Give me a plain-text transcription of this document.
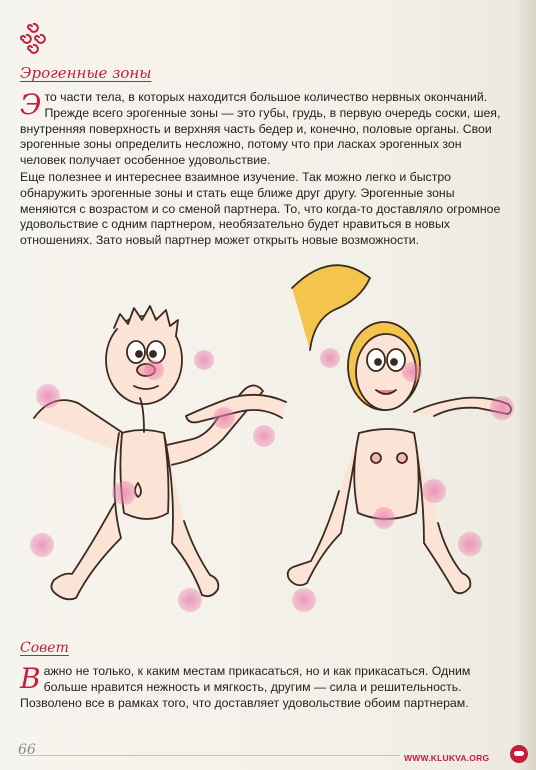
Эрогенные зоны

Это части тела, в которых находится большое количество нервных окончаний. Прежде всего эрогенные зоны — это губы, грудь, в первую очередь соски, шея, внутренняя поверхность и верхняя часть бедер и, конечно, половые органы. Свои эрогенные зоны определить несложно, потому что при ласках эрогенных зон человек получает особенное удовольствие.

Еще полезнее и интереснее взаимное изучение. Так можно легко и быстро обнаружить эрогенные зоны и стать еще ближе друг другу. Эрогенные зоны меняются с возрастом и со сменой партнера. То, что когда-то доставляло огромное удовольствие с одним партнером, необязательно будет нравиться в новых отношениях. Зато новый партнер может открыть новые возможности.

Совет

Важно не только, к каким местам прикасаться, но и как прикасаться. Одним больше нравится нежность и мягкость, другим — сила и решительность. Позволено все в рамках того, что доставляет удовольствие обоим партнерам.

66	WWW.KLUKVA.ORG
